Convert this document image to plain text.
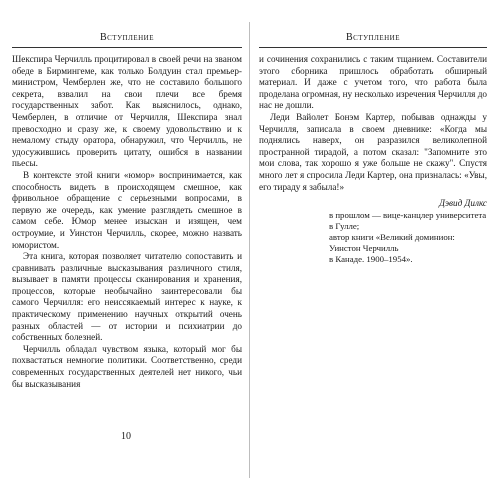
Вступление

Шекспира Черчилль процитировал в своей речи на званом обеде в Бирмингеме, как только Болдуин стал премьер-министром, Чемберлен же, что не составило большого секрета, взвалил на свои плечи все бремя государственных забот. Как выяснилось, однако, Чемберлен, в отличие от Черчилля, Шекспира знал превосходно и сразу же, к своему удовольствию и к немалому стыду оратора, обнаружил, что Черчилль, не удосужившись проверить цитату, ошибся в названии пьесы.

В контексте этой книги «юмор» воспринимается, как способность видеть в происходящем смешное, как фривольное обращение с серьезными вопросами, в первую же очередь, как умение разглядеть смешное в самом себе. Юмор менее изыскан и изящен, чем остроумие, и Уинстон Черчилль, скорее, можно назвать юмористом.

Эта книга, которая позволяет читателю сопоставить и сравнивать различные высказывания различного стиля, вызывает в памяти процессы сканирования и хранения, процессов, которые необычайно заинтересовали бы самого Черчилля: его неиссякаемый интерес к науке, к практическому применению научных открытий очень разных областей — от истории и психиатрии до собственных болезней.

Черчилль обладал чувством языка, который мог бы похвастаться немногие политики. Соответственно, среди современных государственных деятелей нет никого, чьи бы высказывания

10
Вступление

и сочинения сохранились с таким тщанием. Составители этого сборника пришлось обработать обширный материал. И даже с учетом того, что работа была проделана огромная, ну несколько изречения Черчилля до нас не дошли.

Леди Вайолет Бонэм Картер, побывав однажды у Черчилля, записала в своем дневнике: «Когда мы поднялись наверх, он разразился великолепной пространной тирадой, а потом сказал: "Запомните это мои слова, так хорошо я уже больше не скажу". Спустя много лет я спросила Леди Картер, она призналась: «Увы, его тираду я забыла!»

Дэвид Дилкс
в прошлом — вице-канцлер университета в Гулле;
автор книги «Великий доминион: Уинстон Черчилль
в Канаде. 1900–1954».
